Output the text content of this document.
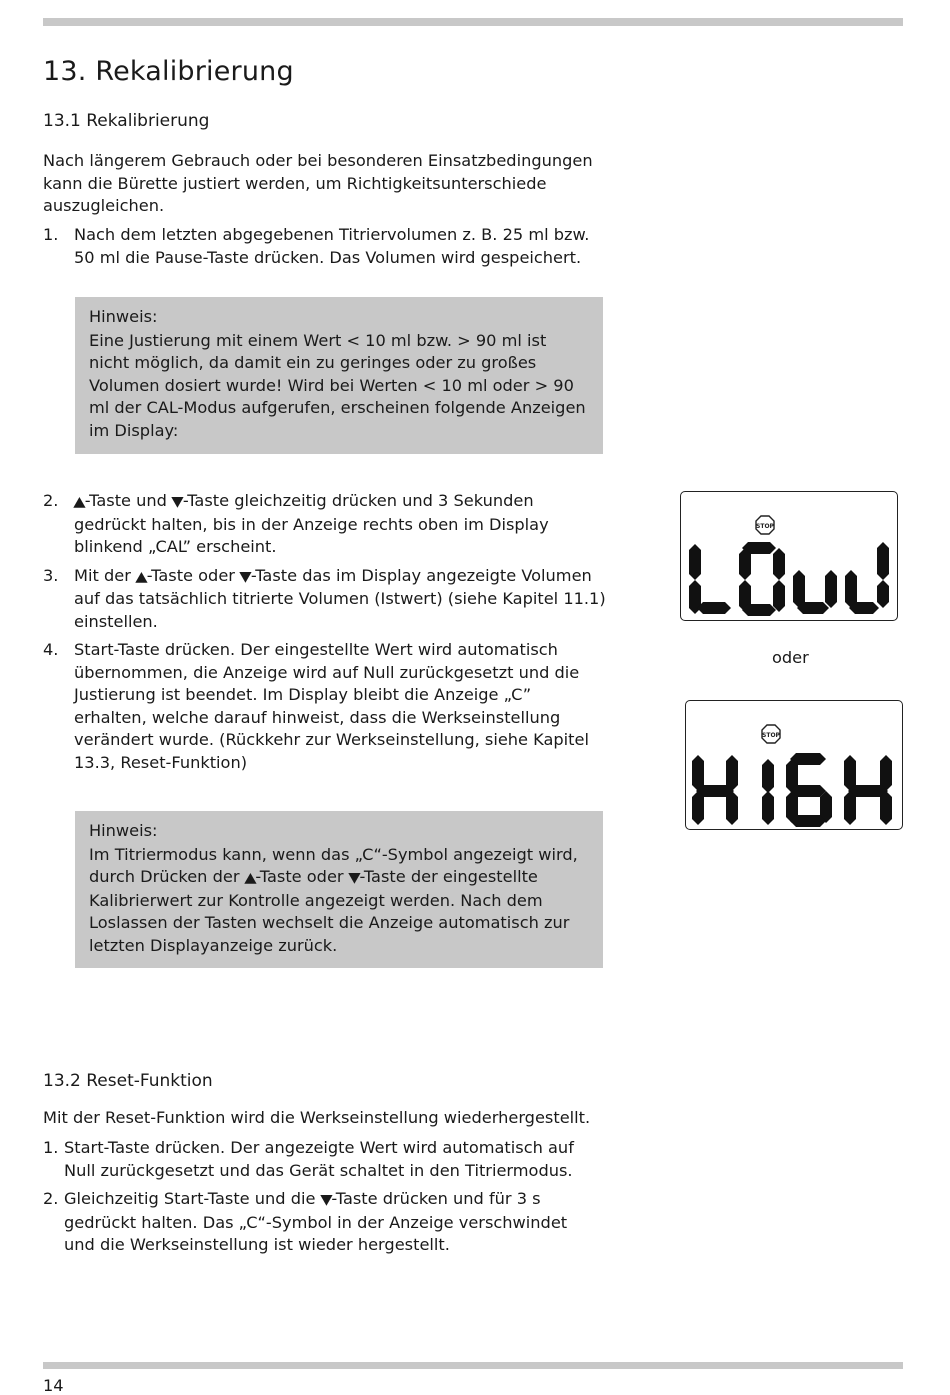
13. Rekalibrierung
13.1 Rekalibrierung

Nach längerem Gebrauch oder bei besonderen Einsatzbedingungen kann die Bürette justiert werden, um Richtigkeitsunterschiede auszugleichen.

1. Nach dem letzten abgegebenen Titriervolumen z. B. 25 ml bzw. 50 ml die Pause-Taste drücken. Das Volumen wird gespeichert.
Hinweis:
Eine Justierung mit einem Wert < 10 ml bzw. > 90 ml ist nicht möglich, da damit ein zu geringes oder zu großes Volumen dosiert wurde! Wird bei Werten < 10 ml oder > 90 ml der CAL-Modus aufgerufen, erscheinen folgende Anzeigen im Display:
2. ▲-Taste und ▼-Taste gleichzeitig drücken und 3 Sekunden gedrückt halten, bis in der Anzeige rechts oben im Display blinkend „CAL” erscheint.
3. Mit der ▲-Taste oder ▼-Taste das im Display angezeigte Volumen auf das tatsächlich titrierte Volumen (Istwert) (siehe Kapitel 11.1) einstellen.
4. Start-Taste drücken. Der eingestellte Wert wird automatisch übernommen, die Anzeige wird auf Null zurückgesetzt und die Justierung ist beendet. Im Display bleibt die Anzeige „C” erhalten, welche darauf hinweist, dass die Werkseinstellung verändert wurde. (Rückkehr zur Werkseinstellung, siehe Kapitel 13.3, Reset-Funktion)
Hinweis:
Im Titriermodus kann, wenn das „C“-Symbol angezeigt wird, durch Drücken der ▲-Taste oder ▼-Taste der eingestellte Kalibrierwert zur Kontrolle angezeigt werden. Nach dem Loslassen der Tasten wechselt die Anzeige automatisch zur letzten Displayanzeige zurück.
STOP
oder
STOP
13.2 Reset-Funktion

Mit der Reset-Funktion wird die Werkseinstellung wiederhergestellt.

1. Start-Taste drücken. Der angezeigte Wert wird automatisch auf Null zurückgesetzt und das Gerät schaltet in den Titriermodus.
2. Gleichzeitig Start-Taste und die ▼-Taste drücken und für 3 s gedrückt halten. Das „C“-Symbol in der Anzeige verschwindet und die Werkseinstellung ist wieder hergestellt.
14
